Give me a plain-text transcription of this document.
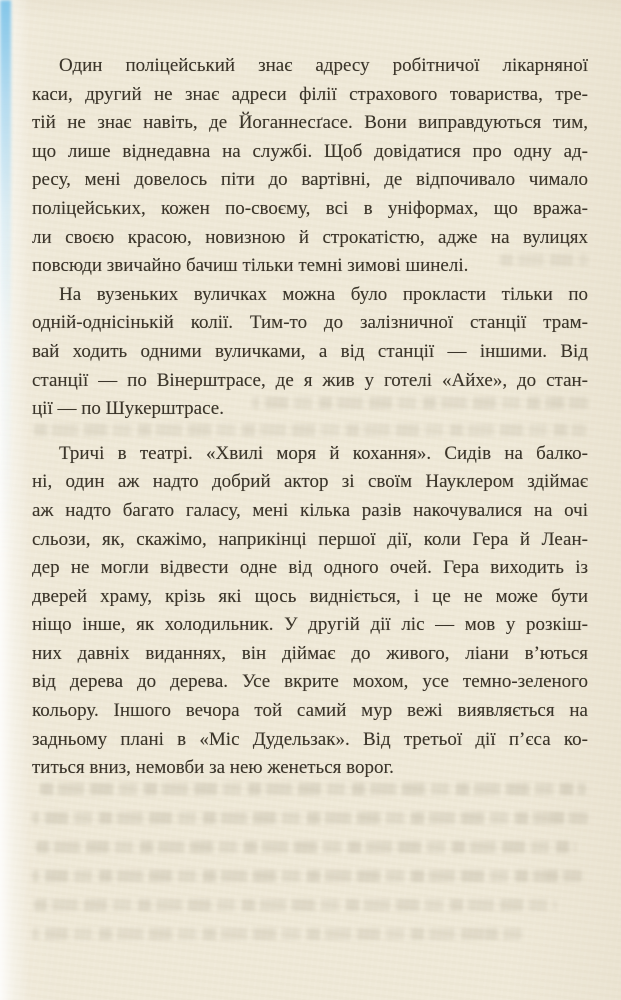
Один поліцейський знає адресу робітничої лікарняної
каси, другий не знає адреси філії страхового товариства, тре-
тій не знає навіть, де Йоганнесґасе. Вони виправдуються тим,
що лише віднедавна на службі. Щоб довідатися про одну ад-
ресу, мені довелось піти до вартівні, де відпочивало чимало
поліцейських, кожен по-своєму, всі в уніформах, що вража-
ли своєю красою, новизною й строкатістю, адже на вулицях
повсюди звичайно бачиш тільки темні зимові шинелі.
На вузеньких вуличках можна було прокласти тільки по
одній-однісінькій колії. Тим-то до залізничної станції трам-
вай ходить одними вуличками, а від станції — іншими. Від
станції — по Вінерштрасе, де я жив у готелі «Айхе», до стан-
ції — по Шукерштрасе.
Тричі в театрі. «Хвилі моря й кохання». Сидів на балко-
ні, один аж надто добрий актор зі своїм Науклером здіймає
аж надто багато галасу, мені кілька разів накочувалися на очі
сльози, як, скажімо, наприкінці першої дії, коли Гера й Леан-
дер не могли відвести одне від одного очей. Гера виходить із
дверей храму, крізь які щось видніється, і це не може бути
ніщо інше, як холодильник. У другій дії ліс — мов у розкіш-
них давніх виданнях, він діймає до живого, ліани в’ються
від дерева до дерева. Усе вкрите мохом, усе темно-зеленого
кольору. Іншого вечора той самий мур вежі виявляється на
задньому плані в «Міс Дудельзак». Від третьої дії п’єса ко-
титься вниз, немовби за нею женеться ворог.
